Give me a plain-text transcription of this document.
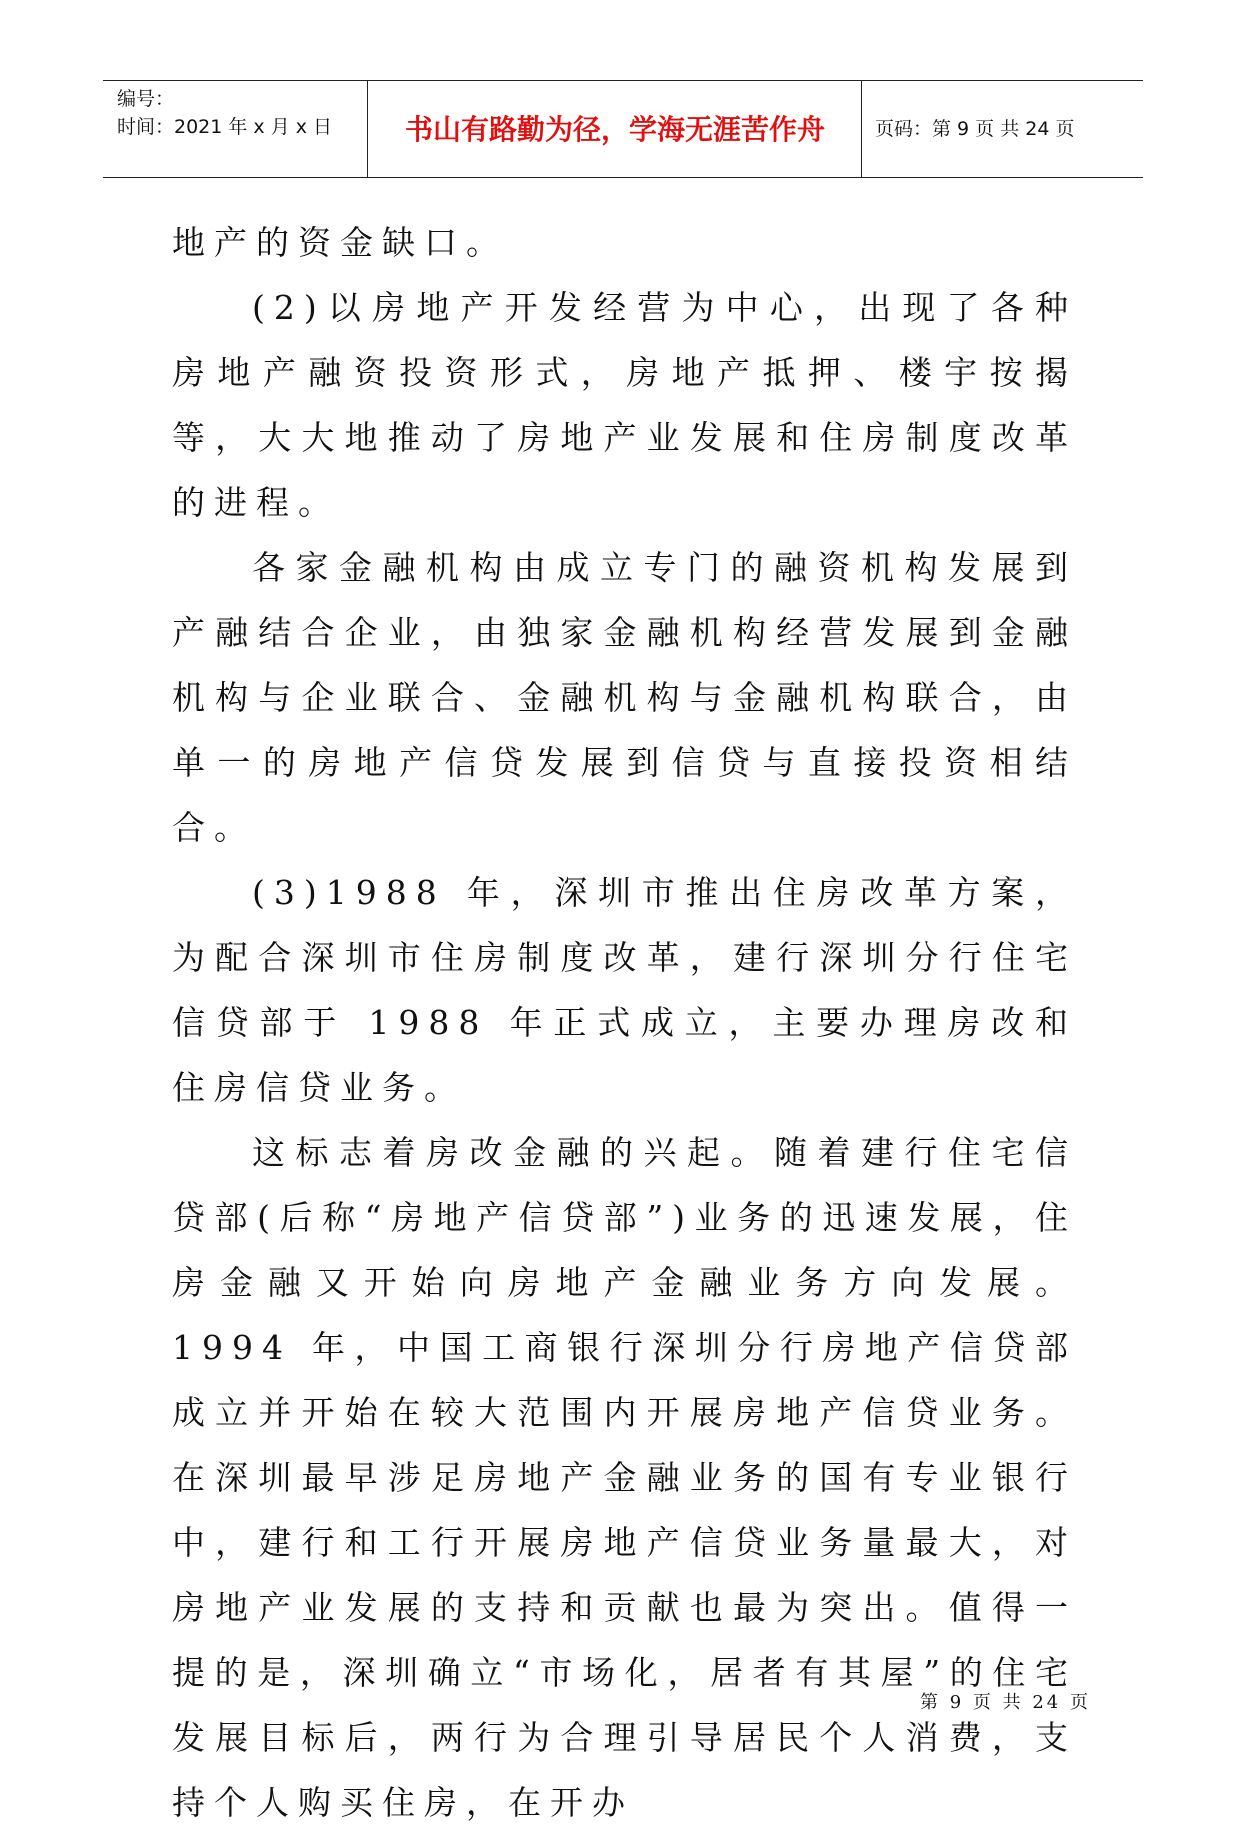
编号：
时间：2021 年 x 月 x 日	书山有路勤为径，学海无涯苦作舟	页码：第 9 页 共 24 页

地产的资金缺口。

(2)以房地产开发经营为中心，出现了各种房地产融资投资形式，房地产抵押、楼宇按揭等，大大地推动了房地产业发展和住房制度改革的进程。

各家金融机构由成立专门的融资机构发展到产融结合企业，由独家金融机构经营发展到金融机构与企业联合、金融机构与金融机构联合，由单一的房地产信贷发展到信贷与直接投资相结合。

(3)1988 年，深圳市推出住房改革方案，为配合深圳市住房制度改革，建行深圳分行住宅信贷部于 1988 年正式成立，主要办理房改和住房信贷业务。

这标志着房改金融的兴起。随着建行住宅信贷部(后称“房地产信贷部”)业务的迅速发展，住房金融又开始向房地产金融业务方向发展。1994 年，中国工商银行深圳分行房地产信贷部成立并开始在较大范围内开展房地产信贷业务。在深圳最早涉足房地产金融业务的国有专业银行中，建行和工行开展房地产信贷业务量最大，对房地产业发展的支持和贡献也最为突出。值得一提的是，深圳确立“市场化，居者有其屋”的住宅发展目标后，两行为合理引导居民个人消费，支持个人购买住房，在开办

第 9 页 共 24 页
